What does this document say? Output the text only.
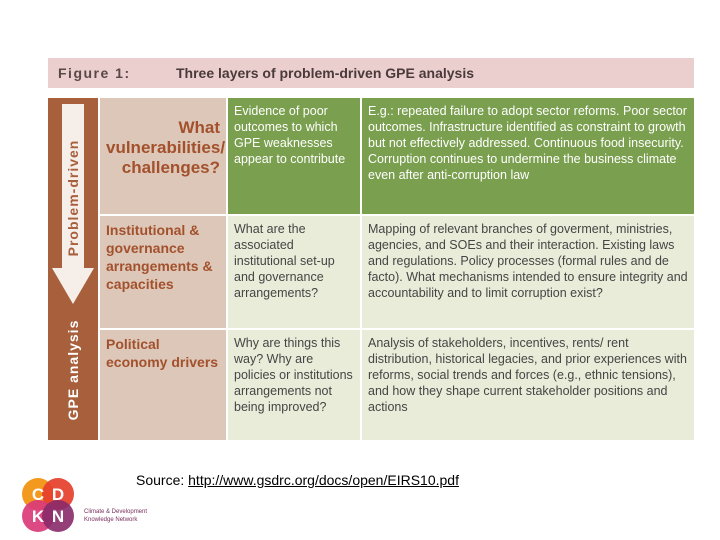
Figure 1:	Three layers of problem-driven GPE analysis
Problem-driven
GPE analysis
What vulnerabilities/ challenges?
Evidence of poor outcomes to which GPE weaknesses appear to contribute
E.g.: repeated failure to adopt sector reforms. Poor sector outcomes. Infrastructure identified as constraint to growth but not effectively addressed. Continuous food insecurity. Corruption continues to undermine the business climate even after anti-corruption law
Institutional & governance arrangements & capacities
What are the associated institutional set-up and governance arrangements?
Mapping of relevant branches of goverment, ministries, agencies, and SOEs and their interaction. Existing laws and regulations. Policy processes (formal rules and de facto). What mechanisms intended to ensure integrity and accountability and to limit corruption exist?
Political economy drivers
Why are things this way? Why are policies or institutions arrangements not being improved?
Analysis of stakeholders, incentives, rents/ rent distribution, historical legacies, and prior experiences with reforms, social trends and forces (e.g., ethnic tensions), and how they shape current stakeholder positions and actions
Source: http://www.gsdrc.org/docs/open/EIRS10.pdf
C D
K N	Climate & Development
Knowledge Network
